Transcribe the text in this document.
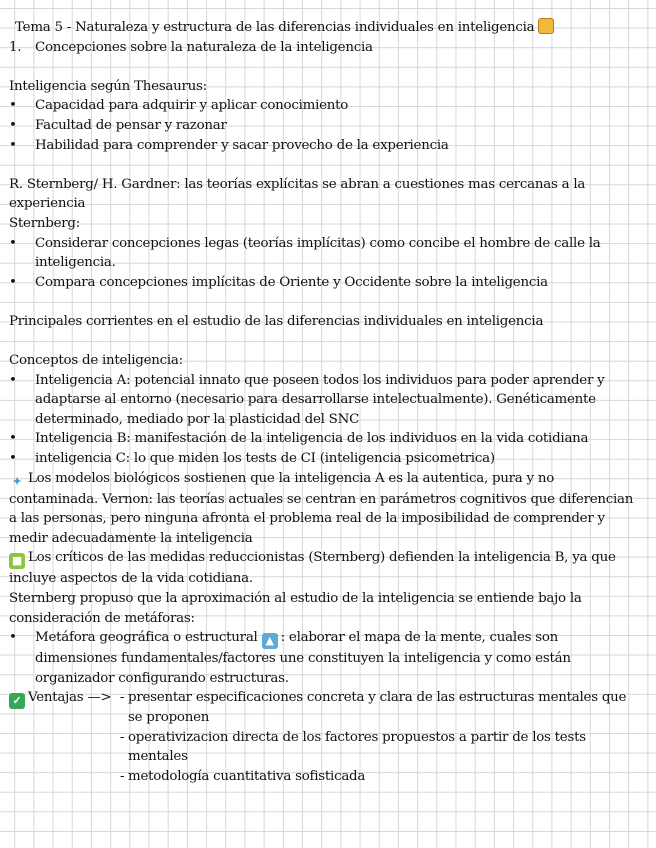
Tema 5 - Naturaleza y estructura de las diferencias individuales en inteligencia
1. Concepciones sobre la naturaleza de la inteligencia
Inteligencia según Thesaurus:
• Capacidad para adquirir y aplicar conocimiento
• Facultad de pensar y razonar
• Habilidad para comprender y sacar provecho de la experiencia
R. Sternberg/ H. Gardner: las teorías explícitas se abran a cuestiones mas cercanas a la experiencia
Sternberg:
• Considerar concepciones legas (teorías implícitas) como concibe el hombre de calle la inteligencia.
• Compara concepciones implícitas de Oriente y Occidente sobre la inteligencia
Principales corrientes en el estudio de las diferencias individuales en inteligencia
Conceptos de inteligencia:
• Inteligencia A: potencial innato que poseen todos los individuos para poder aprender y adaptarse al entorno (necesario para desarrollarse intelectualmente). Genéticamente determinado, mediado por la plasticidad del SNC
• Inteligencia B: manifestación de la inteligencia de los individuos en la vida cotidiana
• inteligencia C: lo que miden los tests de CI (inteligencia psicometrica)
✦ Los modelos biológicos sostienen que la inteligencia A es la autentica, pura y no contaminada. Vernon: las teorías actuales se centran en parámetros cognitivos que diferencian a las personas, pero ninguna afronta el problema real de la imposibilidad de comprender y medir adecuadamente la inteligencia
■ Los críticos de las medidas reduccionistas (Sternberg) defienden la inteligencia B, ya que incluye aspectos de la vida cotidiana.
Sternberg propuso que la aproximación al estudio de la inteligencia se entiende bajo la consideración de metáforas:
• Metáfora geográfica o estructural ▲ : elaborar el mapa de la mente, cuales son dimensiones fundamentales/factores une constituyen la inteligencia y como están organizador configurando estructuras.
✓ Ventajas —> - presentar especificaciones concreta y clara de las estructuras mentales que se proponen
- operativizacion directa de los factores propuestos a partir de los tests mentales
- metodología cuantitativa sofisticada
